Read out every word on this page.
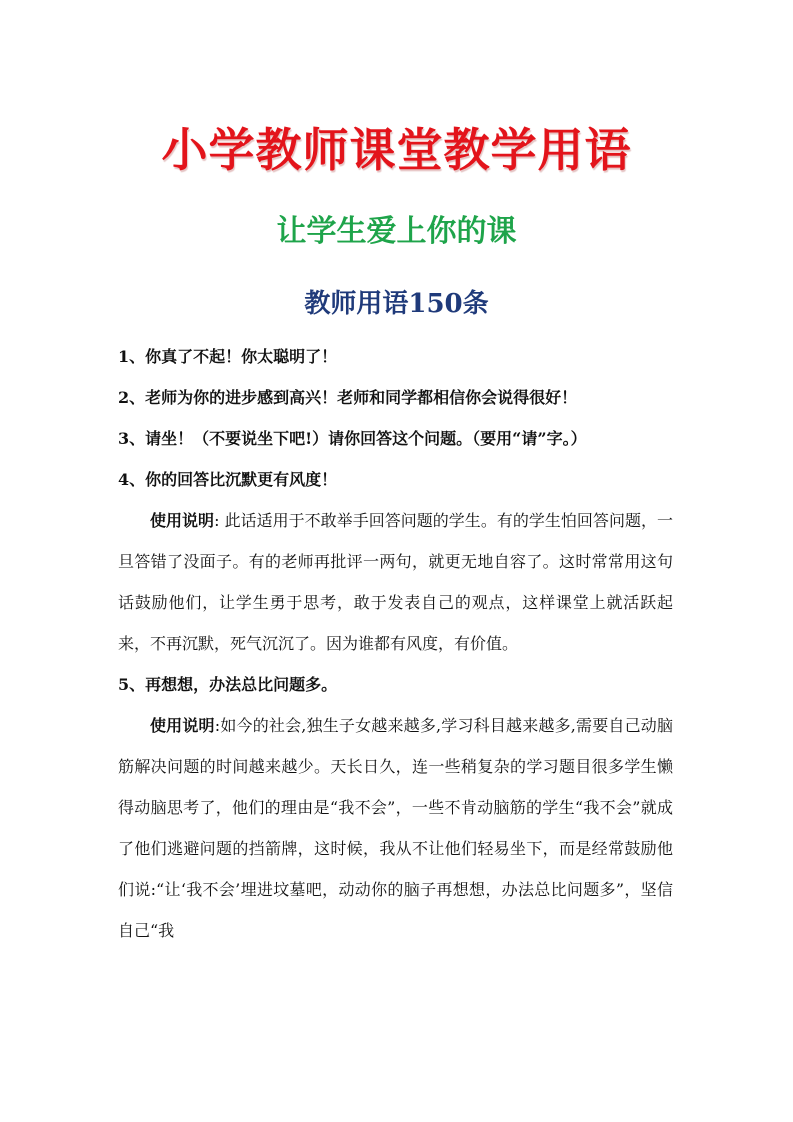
小学教师课堂教学用语
让学生爱上你的课
教师用语150条

1、你真了不起！你太聪明了！

2、老师为你的进步感到高兴！老师和同学都相信你会说得很好！

3、请坐！（不要说坐下吧!）请你回答这个问题。（要用“请”字。）

4、你的回答比沉默更有风度！

使用说明: 此话适用于不敢举手回答问题的学生。有的学生怕回答问题，一旦答错了没面子。有的老师再批评一两句，就更无地自容了。这时常常用这句话鼓励他们，让学生勇于思考，敢于发表自己的观点，这样课堂上就活跃起来，不再沉默，死气沉沉了。因为谁都有风度，有价值。

5、再想想，办法总比问题多。

使用说明:如今的社会,独生子女越来越多,学习科目越来越多,需要自己动脑筋解决问题的时间越来越少。天长日久，连一些稍复杂的学习题目很多学生懒得动脑思考了，他们的理由是“我不会”，一些不肯动脑筋的学生“我不会”就成了他们逃避问题的挡箭牌，这时候，我从不让他们轻易坐下，而是经常鼓励他们说:“让‘我不会’埋进坟墓吧，动动你的脑子再想想，办法总比问题多”，坚信自己“我
